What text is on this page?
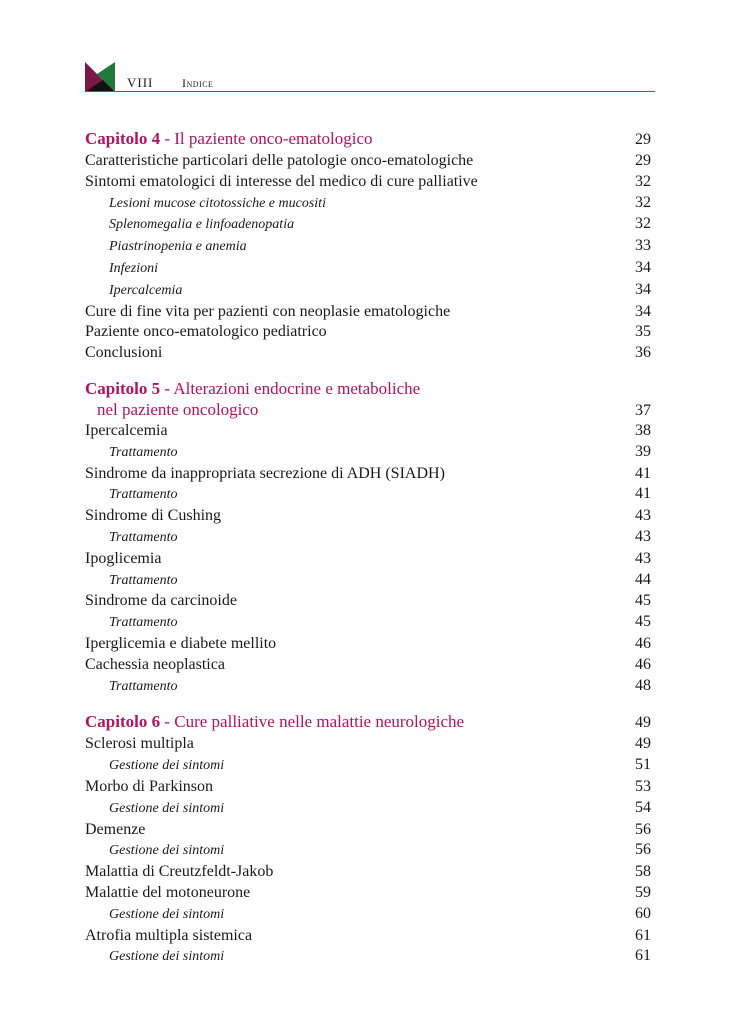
VIII Indice
Capitolo 4 - Il paziente onco-ematologico	29
Caratteristiche particolari delle patologie onco-ematologiche	29
Sintomi ematologici di interesse del medico di cure palliative	32
Lesioni mucose citotossiche e mucositi	32
Splenomegalia e linfoadenopatia	32
Piastrinopenia e anemia	33
Infezioni	34
Ipercalcemia	34
Cure di fine vita per pazienti con neoplasie ematologiche	34
Paziente onco-ematologico pediatrico	35
Conclusioni	36
Capitolo 5 - Alterazioni endocrine e metaboliche
nel paziente oncologico	37
Ipercalcemia	38
Trattamento	39
Sindrome da inappropriata secrezione di ADH (SIADH)	41
Trattamento	41
Sindrome di Cushing	43
Trattamento	43
Ipoglicemia	43
Trattamento	44
Sindrome da carcinoide	45
Trattamento	45
Iperglicemia e diabete mellito	46
Cachessia neoplastica	46
Trattamento	48
Capitolo 6 - Cure palliative nelle malattie neurologiche	49
Sclerosi multipla	49
Gestione dei sintomi	51
Morbo di Parkinson	53
Gestione dei sintomi	54
Demenze	56
Gestione dei sintomi	56
Malattia di Creutzfeldt-Jakob	58
Malattie del motoneurone	59
Gestione dei sintomi	60
Atrofia multipla sistemica	61
Gestione dei sintomi	61
